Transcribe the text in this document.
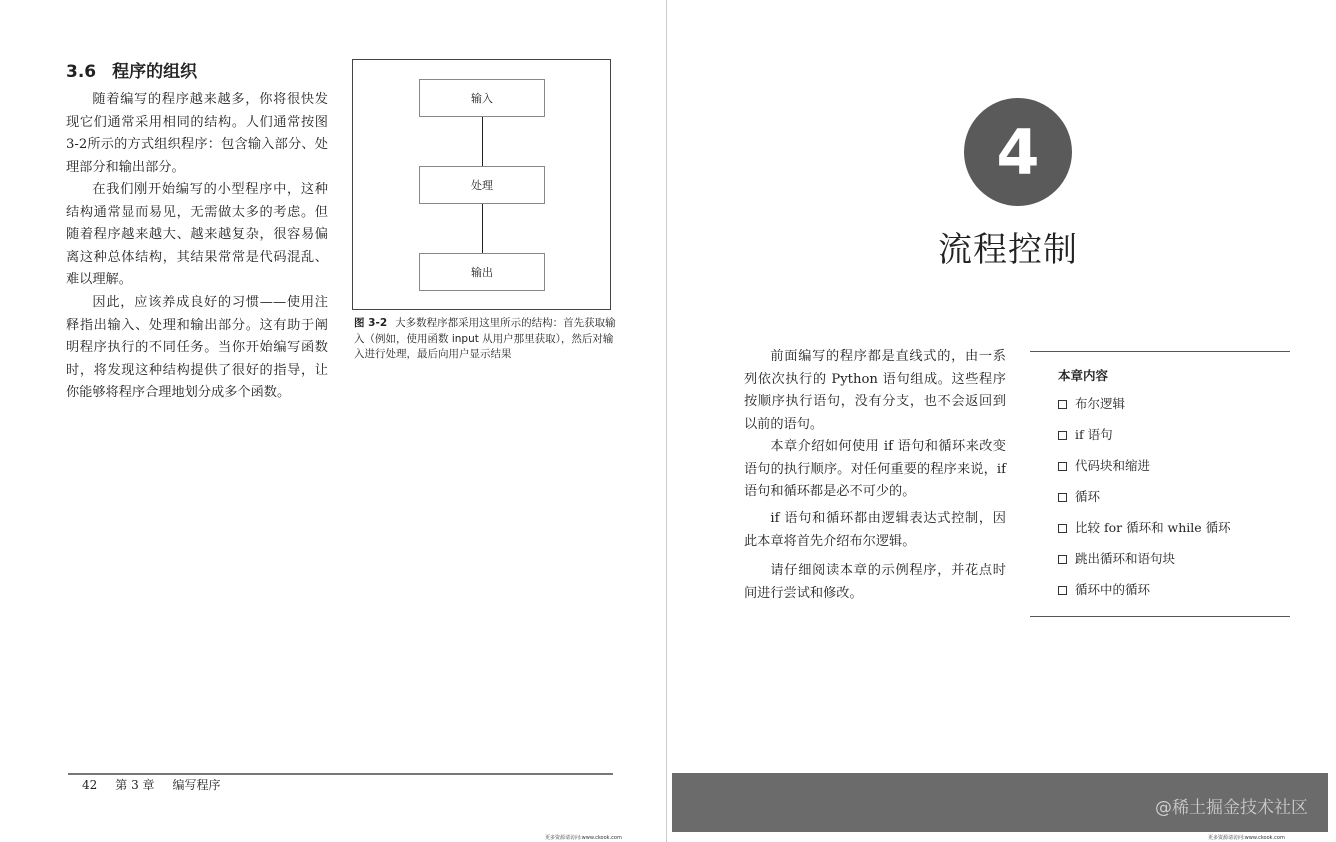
3.6 程序的组织

随着编写的程序越来越多，你将很快发现它们通常采用相同的结构。人们通常按图3-2所示的方式组织程序：包含输入部分、处理部分和输出部分。

在我们刚开始编写的小型程序中，这种结构通常显而易见，无需做太多的考虑。但随着程序越来越大、越来越复杂，很容易偏离这种总体结构，其结果常常是代码混乱、难以理解。

因此，应该养成良好的习惯——使用注释指出输入、处理和输出部分。这有助于阐明程序执行的不同任务。当你开始编写函数时，将发现这种结构提供了很好的指导，让你能够将程序合理地划分成多个函数。

输入
处理
输出
图 3-2 大多数程序都采用这里所示的结构：首先获取输入（例如，使用函数 input 从用户那里获取），然后对输入进行处理，最后向用户显示结果
42 第 3 章 编写程序
更多资源请访问:www.ckook.com
4
流程控制

前面编写的程序都是直线式的，由一系列依次执行的 Python 语句组成。这些程序按顺序执行语句，没有分支，也不会返回到以前的语句。

本章介绍如何使用 if 语句和循环来改变语句的执行顺序。对任何重要的程序来说，if 语句和循环都是必不可少的。

if 语句和循环都由逻辑表达式控制，因此本章将首先介绍布尔逻辑。

请仔细阅读本章的示例程序，并花点时间进行尝试和修改。

本章内容
布尔逻辑
if 语句
代码块和缩进
循环
比较 for 循环和 while 循环
跳出循环和语句块
循环中的循环
@稀土掘金技术社区
更多资源请访问:www.ckook.com
